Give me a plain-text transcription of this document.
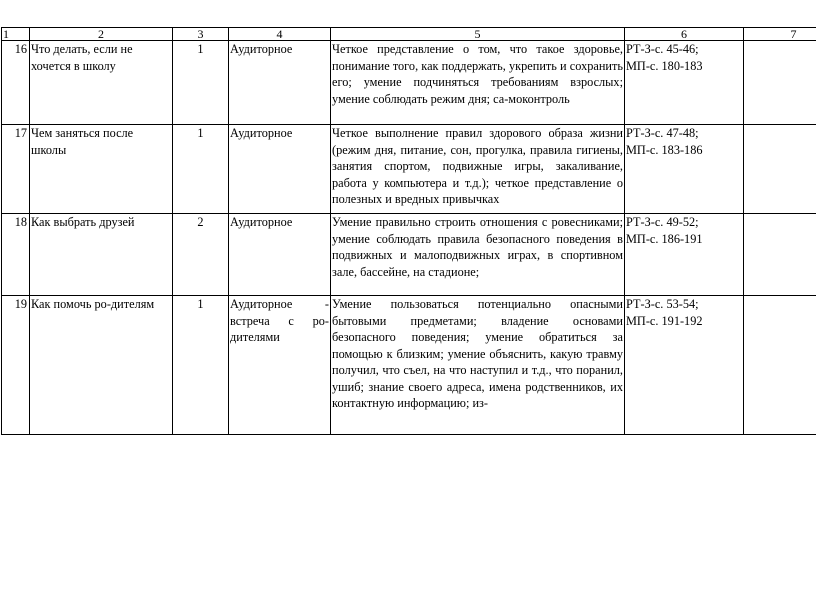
1	2	3	4	5	6	7
16	Что делать, если не хочется в школу	1	Аудиторное	Четкое представление о том, что такое здоровье, понимание того, как поддержать, укрепить и сохранить его; умение подчиняться требованиям взрослых; умение соблюдать режим дня; са-моконтроль	РТ-З-с. 45-46;
МП-с. 180-183	

17	Чем заняться после школы	1	Аудиторное	Четкое выполнение правил здорового образа жизни (режим дня, питание, сон, прогулка, правила гигиены, занятия спортом, подвижные игры, закаливание, работа у компьютера и т.д.); четкое представление о полезных и вредных привычках	РТ-З-с. 47-48;
МП-с. 183-186	

18	Как выбрать друзей	2	Аудиторное	Умение правильно строить отношения с ровесниками; умение соблюдать правила безопасного поведения в подвижных и малоподвижных играх, в спортивном зале, бассейне, на стадионе;	РТ-З-с. 49-52;
МП-с. 186-191	

19	Как помочь ро-дителям	1	Аудиторное - встреча с ро-дителями	Умение пользоваться потенциально опасными бытовыми предметами; владение основами безопасного поведения; умение обратиться за помощью к близким; умение объяснить, какую травму получил, что съел, на что наступил и т.д., что поранил, ушиб; знание своего адреса, имена родственников, их контактную информацию; из-	РТ-З-с. 53-54;
МП-с. 191-192	
